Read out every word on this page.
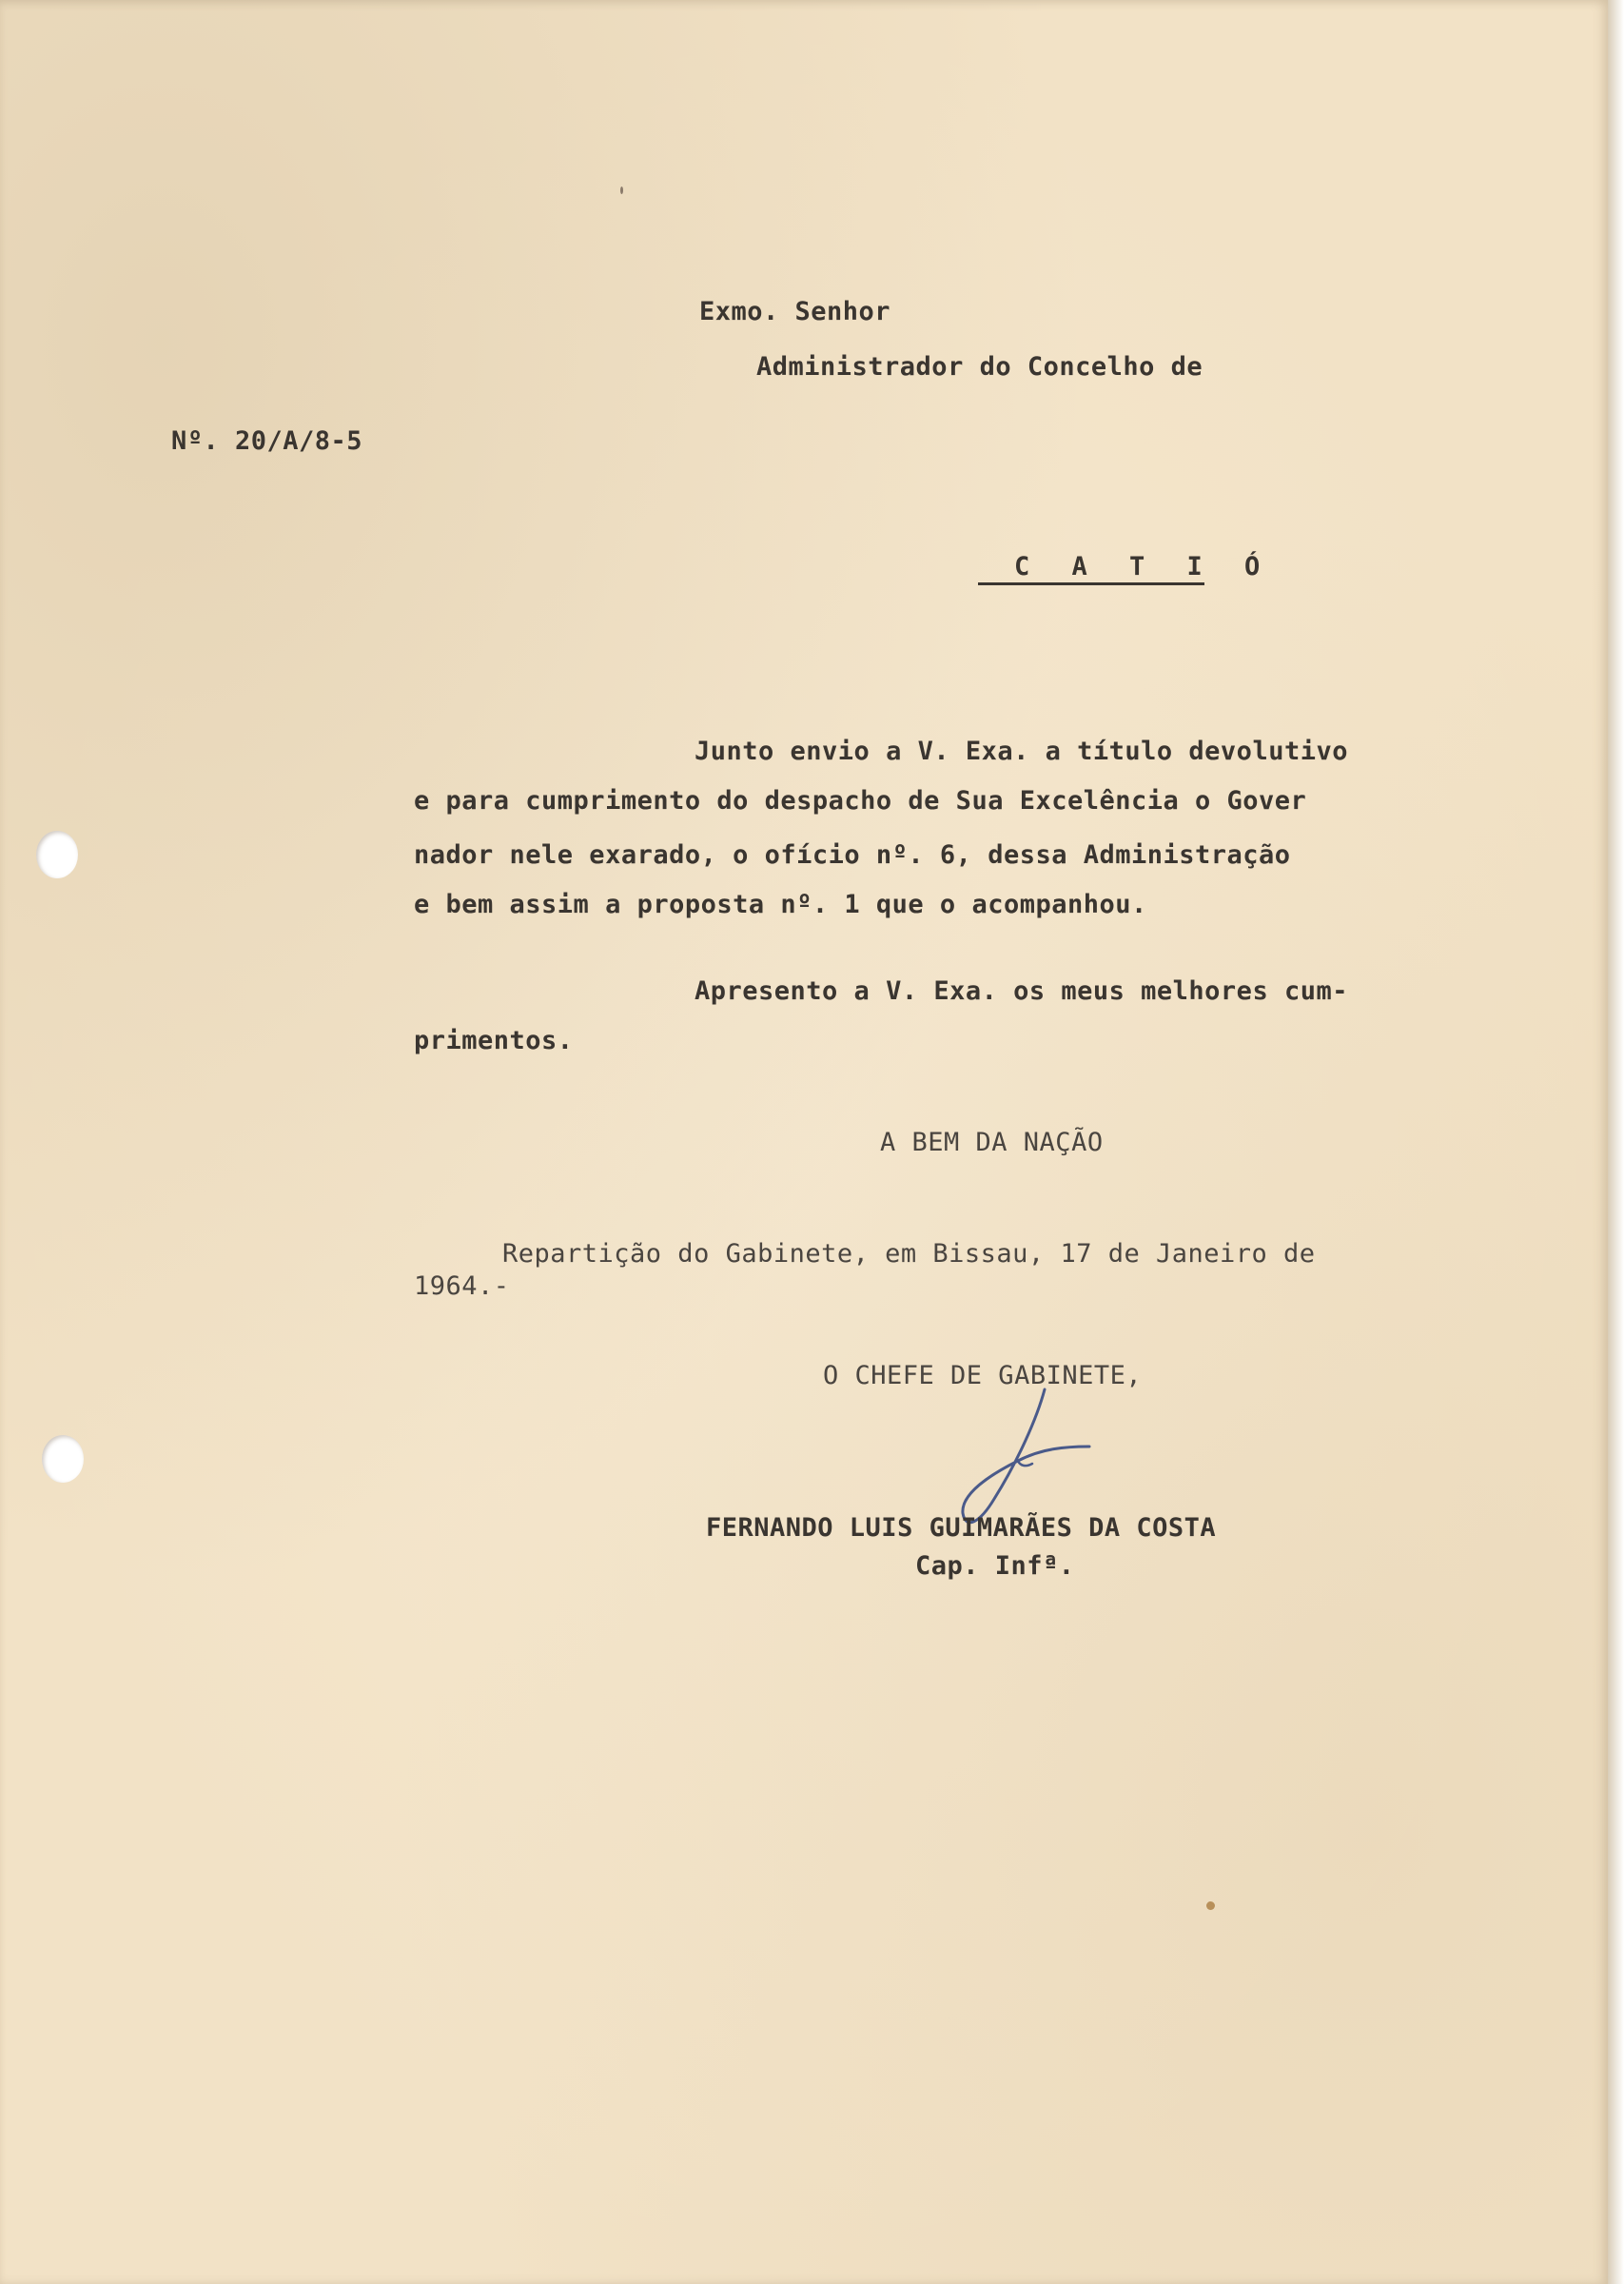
Exmo. Senhor
Administrador do Concelho de
Nº. 20/A/8-5
C A T I Ó
Junto envio a V. Exa. a título devolutivo
e para cumprimento do despacho de Sua Excelência o Gover
nador nele exarado, o ofício nº. 6, dessa Administração
e bem assim a proposta nº. 1 que o acompanhou.
Apresento a V. Exa. os meus melhores cum-
primentos.
A BEM DA NAÇÃO
Repartição do Gabinete, em Bissau, 17 de Janeiro de
1964.-
O CHEFE DE GABINETE,
FERNANDO LUIS GUIMARÃES DA COSTA
Cap. Infª.
